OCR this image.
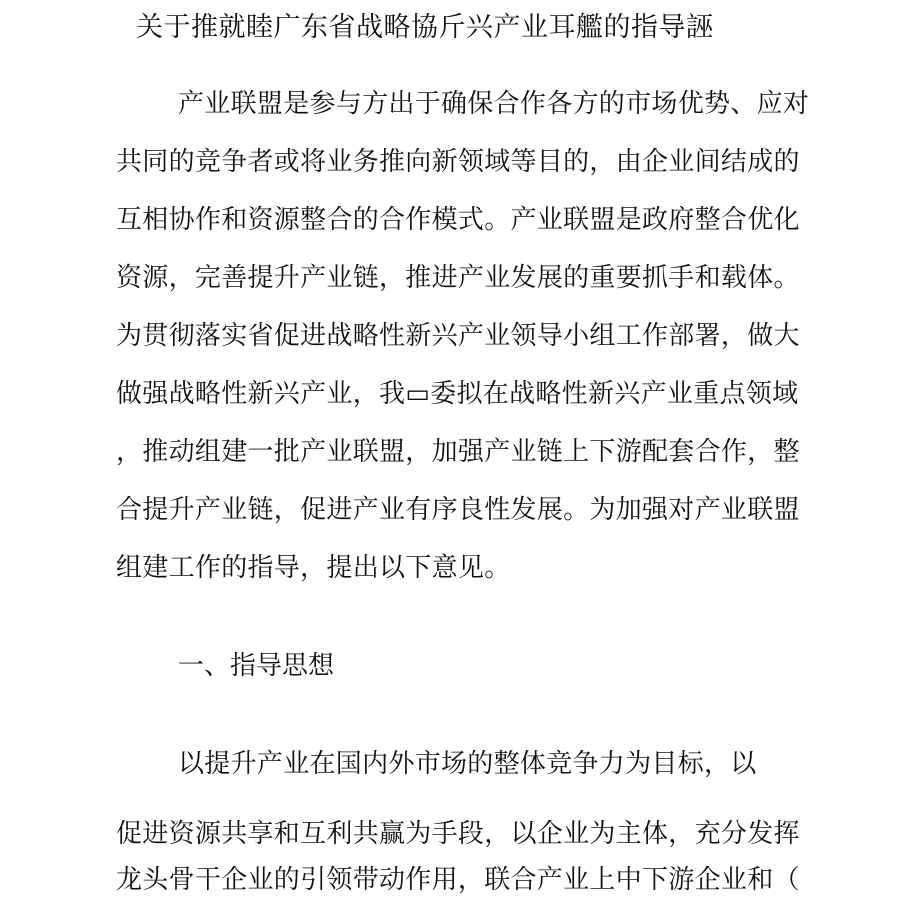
关于推就睦广东省战略協斤兴产业耳艦的指导誣
产业联盟是参与方出于确保合作各方的市场优势、应对
共同的竞争者或将业务推向新领域等目的，由企业间结成的
互相协作和资源整合的合作模式。产业联盟是政府整合优化
资源，完善提升产业链，推进产业发展的重要抓手和载体。
为贯彻落实省促进战略性新兴产业领导小组工作部署，做大
做强战略性新兴产业，我▭委拟在战略性新兴产业重点领域
，推动组建一批产业联盟，加强产业链上下游配套合作，整
合提升产业链，促进产业有序良性发展。为加强对产业联盟
组建工作的指导，提出以下意见。
一、指导思想
以提升产业在国内外市场的整体竞争力为目标，以
促进资源共享和互利共赢为手段，以企业为主体，充分发挥
龙头骨干企业的引领带动作用，联合产业上中下游企业和（
